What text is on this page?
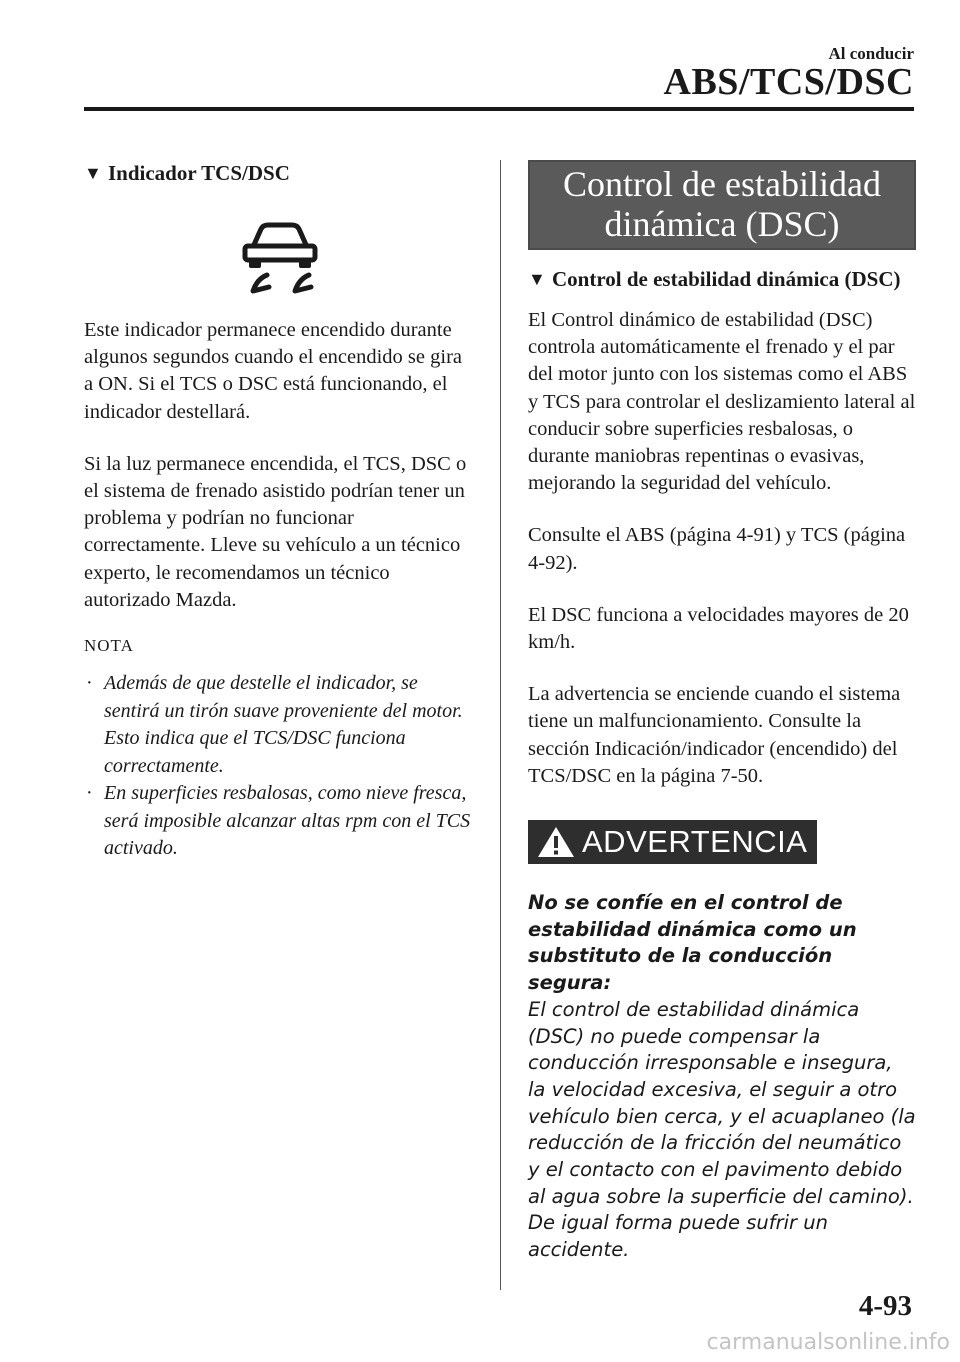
Al conducir
ABS/TCS/DSC
▼ Indicador TCS/DSC

Este indicador permanece encendido durante algunos segundos cuando el encendido se gira a ON. Si el TCS o DSC está funcionando, el indicador destellará.

Si la luz permanece encendida, el TCS, DSC o el sistema de frenado asistido podrían tener un problema y podrían no funcionar correctamente. Lleve su vehículo a un técnico experto, le recomendamos un técnico autorizado Mazda.

NOTA
· Además de que destelle el indicador, se sentirá un tirón suave proveniente del motor. Esto indica que el TCS/DSC funciona correctamente.
· En superficies resbalosas, como nieve fresca, será imposible alcanzar altas rpm con el TCS activado.
Control de estabilidad
dinámica (DSC)
▼ Control de estabilidad dinámica (DSC)

El Control dinámico de estabilidad (DSC) controla automáticamente el frenado y el par del motor junto con los sistemas como el ABS y TCS para controlar el deslizamiento lateral al conducir sobre superficies resbalosas, o durante maniobras repentinas o evasivas, mejorando la seguridad del vehículo.

Consulte el ABS (página 4-91) y TCS (página 4-92).

El DSC funciona a velocidades mayores de 20 km/h.

La advertencia se enciende cuando el sistema tiene un malfuncionamiento. Consulte la sección Indicación/indicador (encendido) del TCS/DSC en la página 7-50.

ADVERTENCIA

No se confíe en el control de estabilidad dinámica como un substituto de la conducción segura:

El control de estabilidad dinámica (DSC) no puede compensar la conducción irresponsable e insegura, la velocidad excesiva, el seguir a otro vehículo bien cerca, y el acuaplaneo (la reducción de la fricción del neumático y el contacto con el pavimento debido al agua sobre la superficie del camino). De igual forma puede sufrir un accidente.

4-93
carmanualsonline.info
